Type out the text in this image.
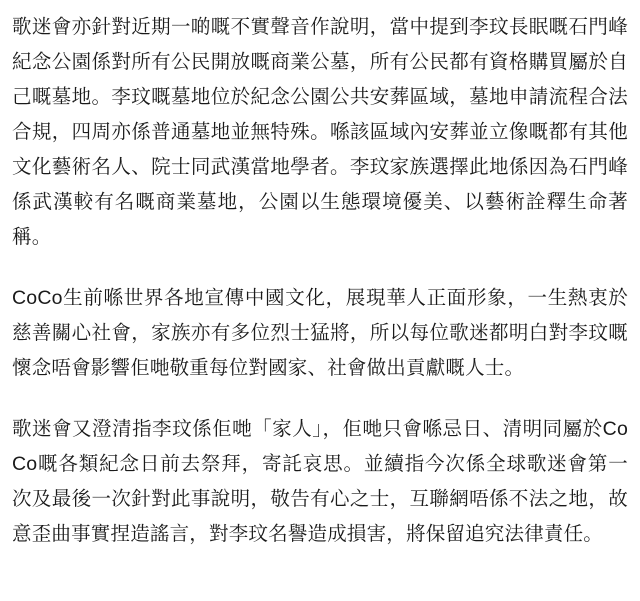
歌迷會亦針對近期一啲嘅不實聲音作說明，當中提到李玟長眠嘅石門峰紀念公園係對所有公民開放嘅商業公墓，所有公民都有資格購買屬於自己嘅墓地。李玟嘅墓地位於紀念公園公共安葬區域，墓地申請流程合法合規，四周亦係普通墓地並無特殊。喺該區域內安葬並立像嘅都有其他文化藝術名人、院士同武漢當地學者。李玟家族選擇此地係因為石門峰係武漢較有名嘅商業墓地，公園以生態環境優美、以藝術詮釋生命著稱。

CoCo生前喺世界各地宣傳中國文化，展現華人正面形象，一生熱衷於慈善關心社會，家族亦有多位烈士猛將，所以每位歌迷都明白對李玟嘅懷念唔會影響佢哋敬重每位對國家、社會做出貢獻嘅人士。

歌迷會又澄清指李玟係佢哋「家人」，佢哋只會喺忌日、清明同屬於CoCo嘅各類紀念日前去祭拜，寄託哀思。並續指今次係全球歌迷會第一次及最後一次針對此事說明，敬告有心之士，互聯網唔係不法之地，故意歪曲事實捏造謠言，對李玟名譽造成損害，將保留追究法律責任。
